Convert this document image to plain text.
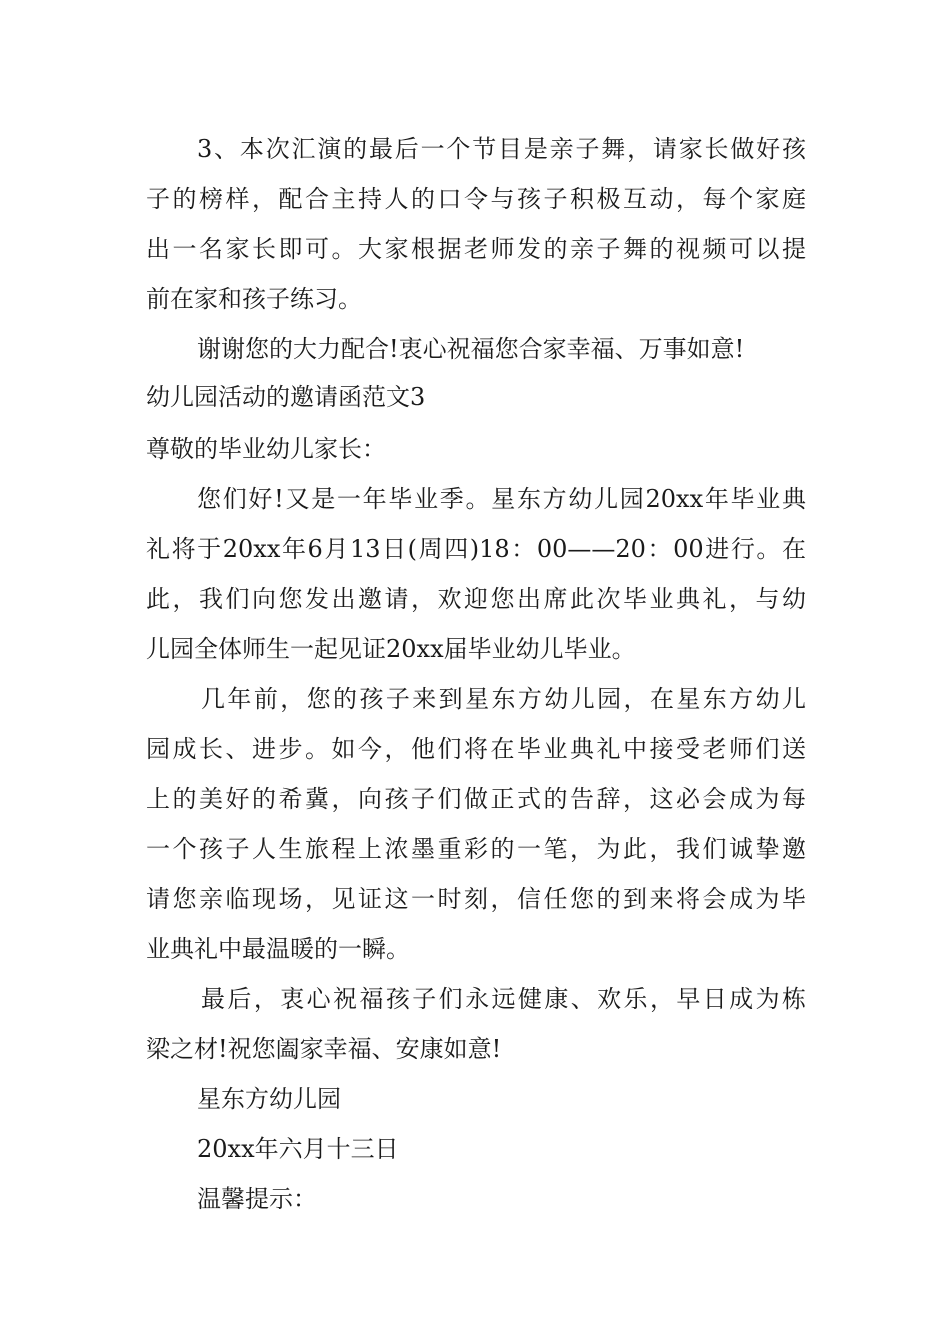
3、本次汇演的最后一个节目是亲子舞，请家长做好孩
子的榜样，配合主持人的口令与孩子积极互动，每个家庭
出一名家长即可。大家根据老师发的亲子舞的视频可以提
前在家和孩子练习。
谢谢您的大力配合!衷心祝福您合家幸福、万事如意!
幼儿园活动的邀请函范文3
尊敬的毕业幼儿家长：
您们好!又是一年毕业季。星东方幼儿园20xx年毕业典
礼将于20xx年6月13日(周四)18：00——20：00进行。在
此，我们向您发出邀请，欢迎您出席此次毕业典礼，与幼
儿园全体师生一起见证20xx届毕业幼儿毕业。
几年前，您的孩子来到星东方幼儿园，在星东方幼儿
园成长、进步。如今，他们将在毕业典礼中接受老师们送
上的美好的希冀，向孩子们做正式的告辞，这必会成为每
一个孩子人生旅程上浓墨重彩的一笔，为此，我们诚挚邀
请您亲临现场，见证这一时刻，信任您的到来将会成为毕
业典礼中最温暖的一瞬。
最后，衷心祝福孩子们永远健康、欢乐，早日成为栋
梁之材!祝您阖家幸福、安康如意!
星东方幼儿园
20xx年六月十三日
温馨提示：
